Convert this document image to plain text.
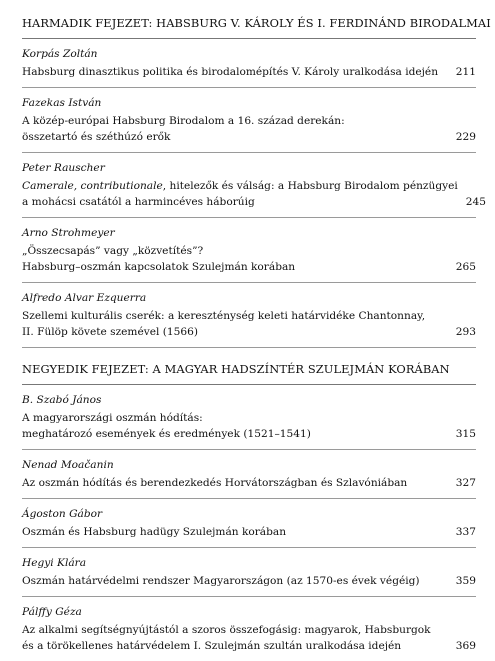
HARMADIK FEJEZET: HABSBURG V. KÁROLY ÉS I. FERDINÁND BIRODALMAI
Korpás Zoltán
Habsburg dinasztikus politika és birodalomépítés V. Károly uralkodása idején	211
Fazekas István
A közép-európai Habsburg Birodalom a 16. század derekán:
összetartó és széthúzó erők	229
Peter Rauscher
Camerale, contributionale, hitelezők és válság: a Habsburg Birodalom pénzügyei
a mohácsi csatától a harmincéves háborúig	245
Arno Strohmeyer
„Összecsapás” vagy „közvetítés”?
Habsburg–oszmán kapcsolatok Szulejmán korában	265
Alfredo Alvar Ezquerra
Szellemi kulturális cserék: a kereszténység keleti határvidéke Chantonnay,
II. Fülöp követe szemével (1566)	293
NEGYEDIK FEJEZET: A MAGYAR HADSZÍNTÉR SZULEJMÁN KORÁBAN
B. Szabó János
A magyarországi oszmán hódítás:
meghatározó események és eredmények (1521–1541)	315
Nenad Moačanin
Az oszmán hódítás és berendezkedés Horvátországban és Szlavóniában	327
Ágoston Gábor
Oszmán és Habsburg hadügy Szulejmán korában	337
Hegyi Klára
Oszmán határvédelmi rendszer Magyarországon (az 1570-es évek végéig)	359
Pálffy Géza
Az alkalmi segítségnyújtástól a szoros összefogásig: magyarok, Habsburgok
és a törökellenes határvédelem I. Szulejmán szultán uralkodása idején	369
